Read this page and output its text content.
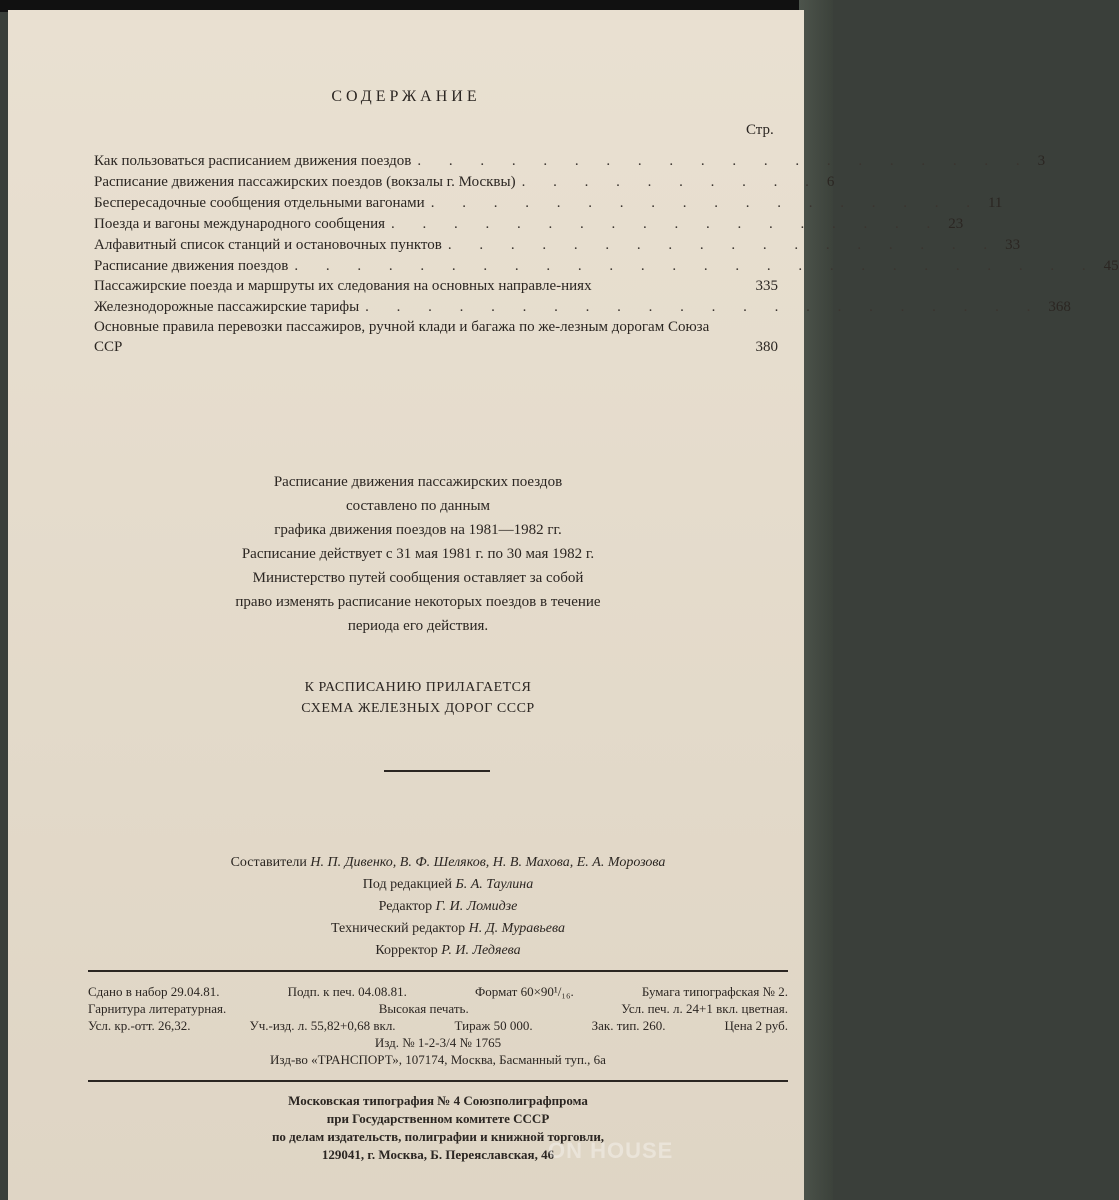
СОДЕРЖАНИЕ
Стр.
Как пользоваться расписанием движения поездов . . . . . . . . . . . . . . . . . . . . 3
Расписание движения пассажирских поездов (вокзалы г. Москвы) . . . . . . . . . . 6
Беспересадочные сообщения отдельными вагонами . . . . . . . . . . . . . . . . . . 11
Поезда и вагоны международного сообщения . . . . . . . . . . . . . . . . . . 23
Алфавитный список станций и остановочных пунктов . . . . . . . . . . . . . . . . . . 33
Расписание движения поездов . . . . . . . . . . . . . . . . . . . . . . . . . . 45
Пассажирские поезда и маршруты их следования на основных направле-ниях	335
Железнодорожные пассажирские тарифы . . . . . . . . . . . . . . . . . . . . . . 368
Основные правила перевозки пассажиров, ручной клади и багажа по же-лезным дорогам Союза ССР	380
Расписание движения пассажирских поездов
составлено по данным
графика движения поездов на 1981—1982 гг.
Расписание действует с 31 мая 1981 г. по 30 мая 1982 г.
Министерство путей сообщения оставляет за собой
право изменять расписание некоторых поездов в течение
периода его действия.
К РАСПИСАНИЮ ПРИЛАГАЕТСЯ
СХЕМА ЖЕЛЕЗНЫХ ДОРОГ СССР
Составители Н. П. Дивенко, В. Ф. Шеляков, Н. В. Махова, Е. А. Морозова
Под редакцией Б. А. Таулина
Редактор Г. И. Ломидзе
Технический редактор Н. Д. Муравьева
Корректор Р. И. Ледяева
Сдано в набор 29.04.81.	Подп. к печ. 04.08.81.	Формат 60×90¹/₁₆.	Бумага типографская № 2.
Гарнитура литературная.	Высокая печать.	Усл. печ. л. 24+1 вкл. цветная.
Усл. кр.-отт. 26,32.	Уч.-изд. л. 55,82+0,68 вкл.	Тираж 50 000.	Зак. тип. 260.	Цена 2 руб.
Изд. № 1-2-3/4 № 1765
Изд-во «ТРАНСПОРТ», 107174, Москва, Басманный туп., 6а
Московская типография № 4 Союзполиграфпрома
при Государственном комитете СССР
по делам издательств, полиграфии и книжной торговли,
129041, г. Москва, Б. Переяславская, 46
ON HOUSE
